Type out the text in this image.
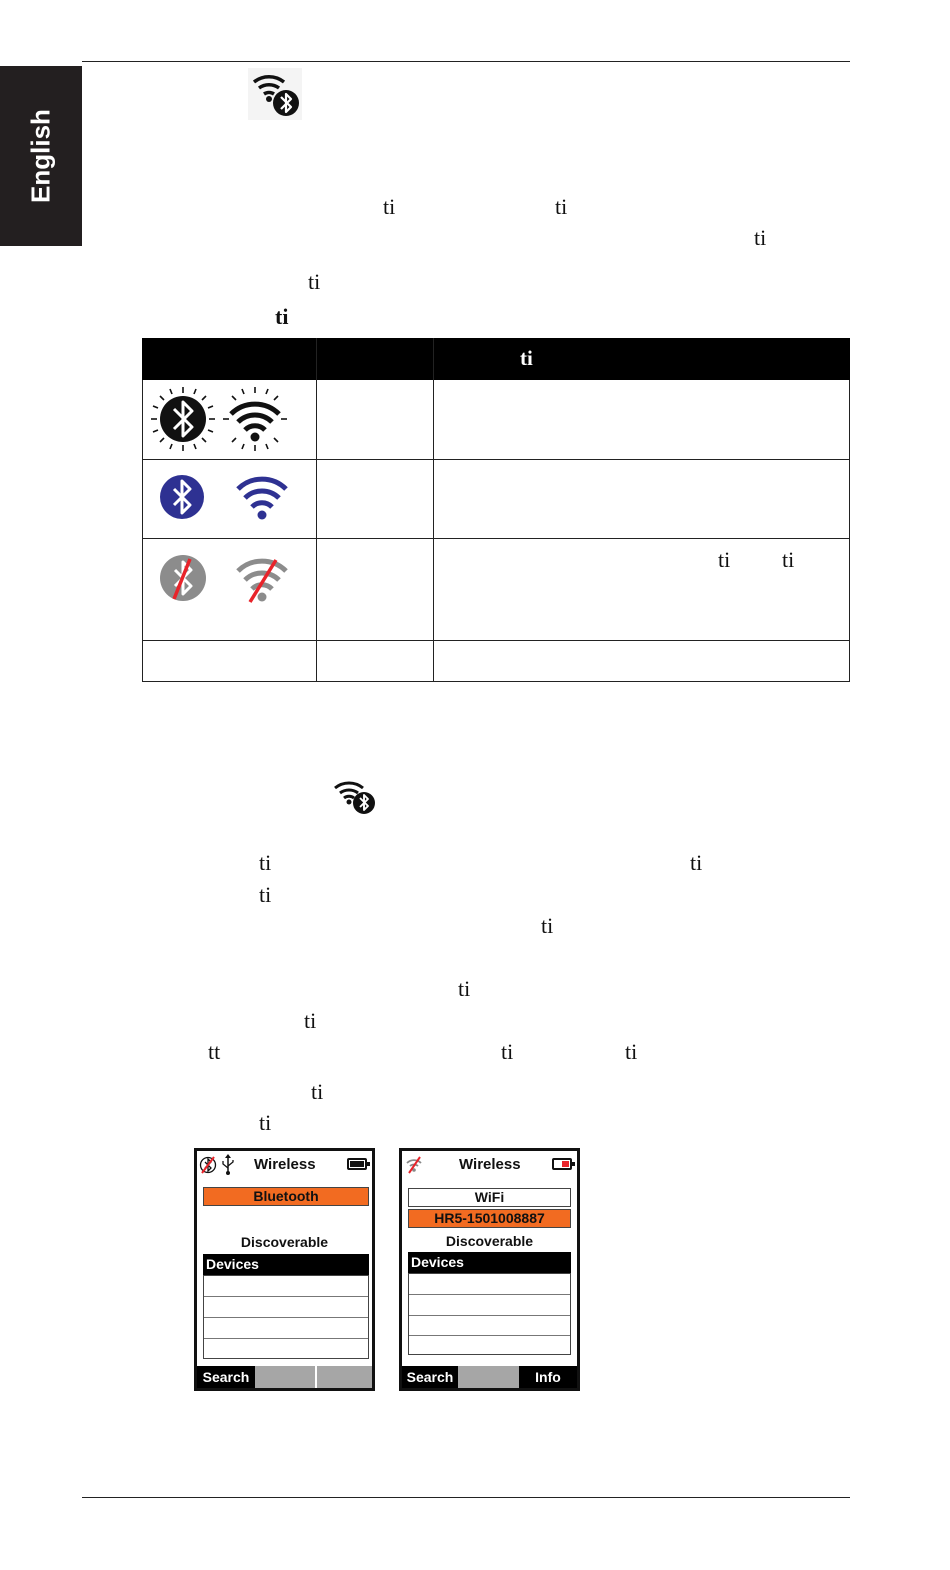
English
ti	ti
ti
ti
ti
ti
ti ti
ti	ti
ti
ti
ti
ti
tt	ti	ti
ti
ti
Wireless
Bluetooth
Discoverable
Devices
Search
Wireless
WiFi
HR5-1501008887
Discoverable
Devices
Search	Info
